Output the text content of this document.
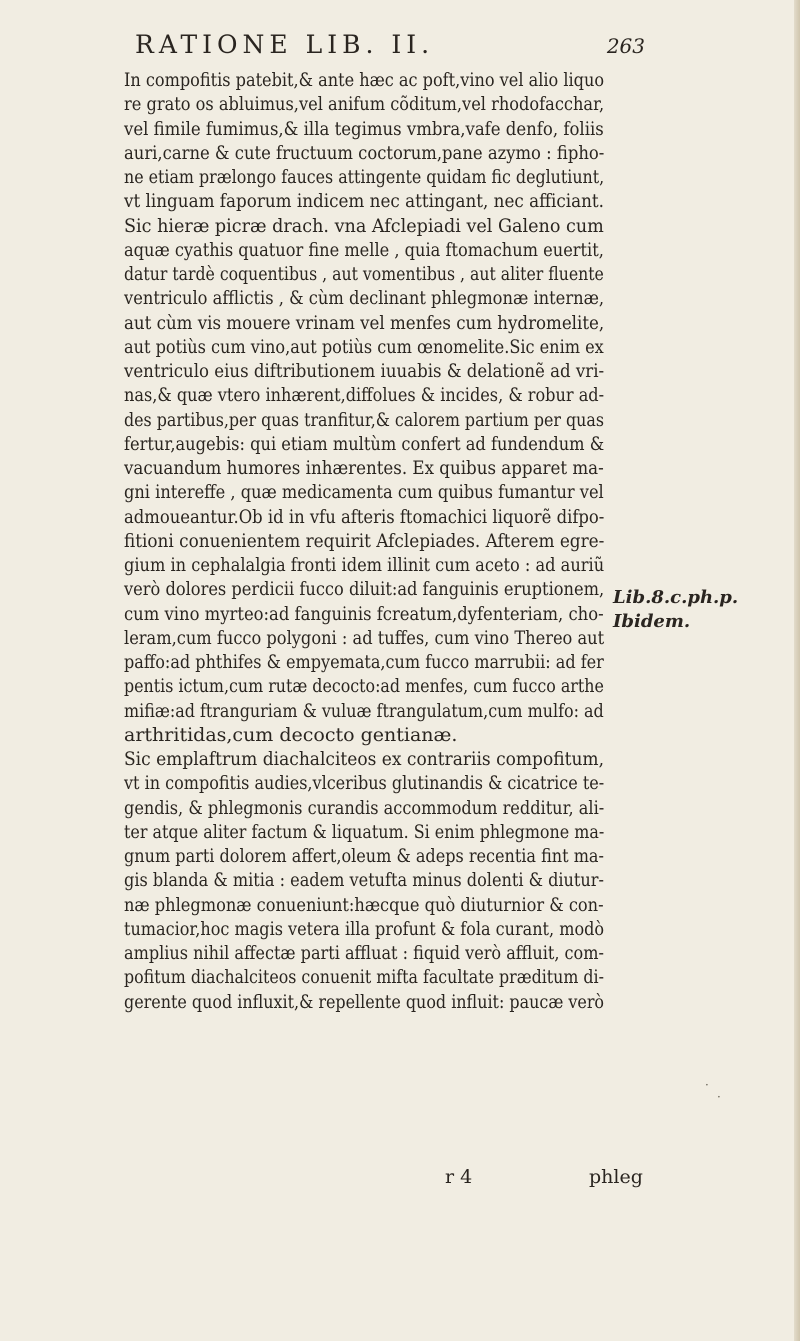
RATIONE LIB. II.	263
In compofitis patebit,& ante hæc ac poft,vino vel alio liquo
re grato os abluimus,vel anifum cõditum,vel rhodofacchar,
vel fimile fumimus,& illa tegimus vmbra,vafe denfo, foliis
auri,carne & cute fructuum coctorum,pane azymo : fipho-
ne etiam prælongo fauces attingente quidam fic deglutiunt,
vt linguam faporum indicem nec attingant, nec afficiant.
Sic hieræ picræ drach. vna Afclepiadi vel Galeno cum
aquæ cyathis quatuor fine melle , quia ftomachum euertit,
datur tardè coquentibus , aut vomentibus , aut aliter fluente
ventriculo afflictis , & cùm declinant phlegmonæ internæ,
aut cùm vis mouere vrinam vel menfes cum hydromelite,
aut potiùs cum vino,aut potiùs cum œnomelite.Sic enim ex
ventriculo eius diftributionem iuuabis & delationẽ ad vri-
nas,& quæ vtero inhærent,diffolues & incides, & robur ad-
des partibus,per quas tranfitur,& calorem partium per quas
fertur,augebis: qui etiam multùm confert ad fundendum &
vacuandum humores inhærentes. Ex quibus apparet ma-
gni intereffe , quæ medicamenta cum quibus fumantur vel
admoueantur.Ob id in vfu afteris ftomachici liquorẽ difpo-
fitioni conuenientem requirit Afclepiades. Afterem egre-
gium in cephalalgia fronti idem illinit cum aceto : ad auriũ
verò dolores perdicii fucco diluit:ad fanguinis eruptionem,
cum vino myrteo:ad fanguinis fcreatum,dyfenteriam, cho-
leram,cum fucco polygoni : ad tuffes, cum vino Thereo aut
paffo:ad phthifes & empyemata,cum fucco marrubii: ad fer
pentis ictum,cum rutæ decocto:ad menfes, cum fucco arthe
mifiæ:ad ftranguriam & vuluæ ftrangulatum,cum mulfo: ad
arthritidas,cum decocto gentianæ.
Sic emplaftrum diachalciteos ex contrariis compofitum,
vt in compofitis audies,vlceribus glutinandis & cicatrice te-
gendis, & phlegmonis curandis accommodum redditur, ali-
ter atque aliter factum & liquatum. Si enim phlegmone ma-
gnum parti dolorem affert,oleum & adeps recentia fint ma-
gis blanda & mitia : eadem vetufta minus dolenti & diutur-
næ phlegmonæ conueniunt:hæcque quò diuturnior & con-
tumacior,hoc magis vetera illa profunt & fola curant, modò
amplius nihil affectæ parti affluat : fiquid verò affluit, com-
pofitum diachalciteos conuenit mifta facultate præditum di-
gerente quod influxit,& repellente quod influit: paucæ verò
Lib.8.c.ph.p.
Ibidem.
r 4	phleg
·
·
